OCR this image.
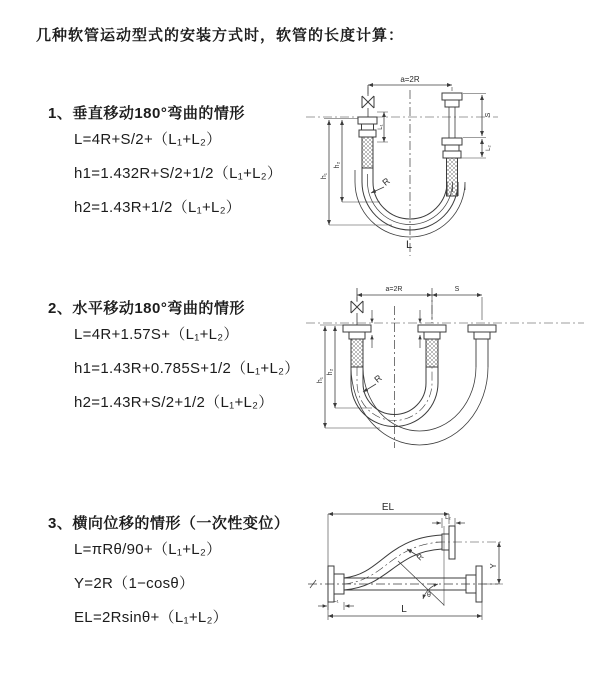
几种软管运动型式的安装方式时，软管的长度计算：
1、垂直移动180°弯曲的情形
L=4R+S/2+（L₁+L₂）
h1=1.432R+S/2+1/2（L₁+L₂）
h2=1.43R+1/2（L₁+L₂）
2、水平移动180°弯曲的情形
L=4R+1.57S+（L₁+L₂）
h1=1.43R+0.785S+1/2（L₁+L₂）
h2=1.43R+S/2+1/2（L₁+L₂）
3、横向位移的情形（一次性变位）
L=πRθ/90+（L₁+L₂）
Y=2R（1−cosθ）
EL=2Rsinθ+（L₁+L₂）
a=2R
h₁
h₂
L₁
S
L₂
R
L
a=2R	S
h₁
h₂
R
EL
L₂
Y
R
θ
L
L₁
